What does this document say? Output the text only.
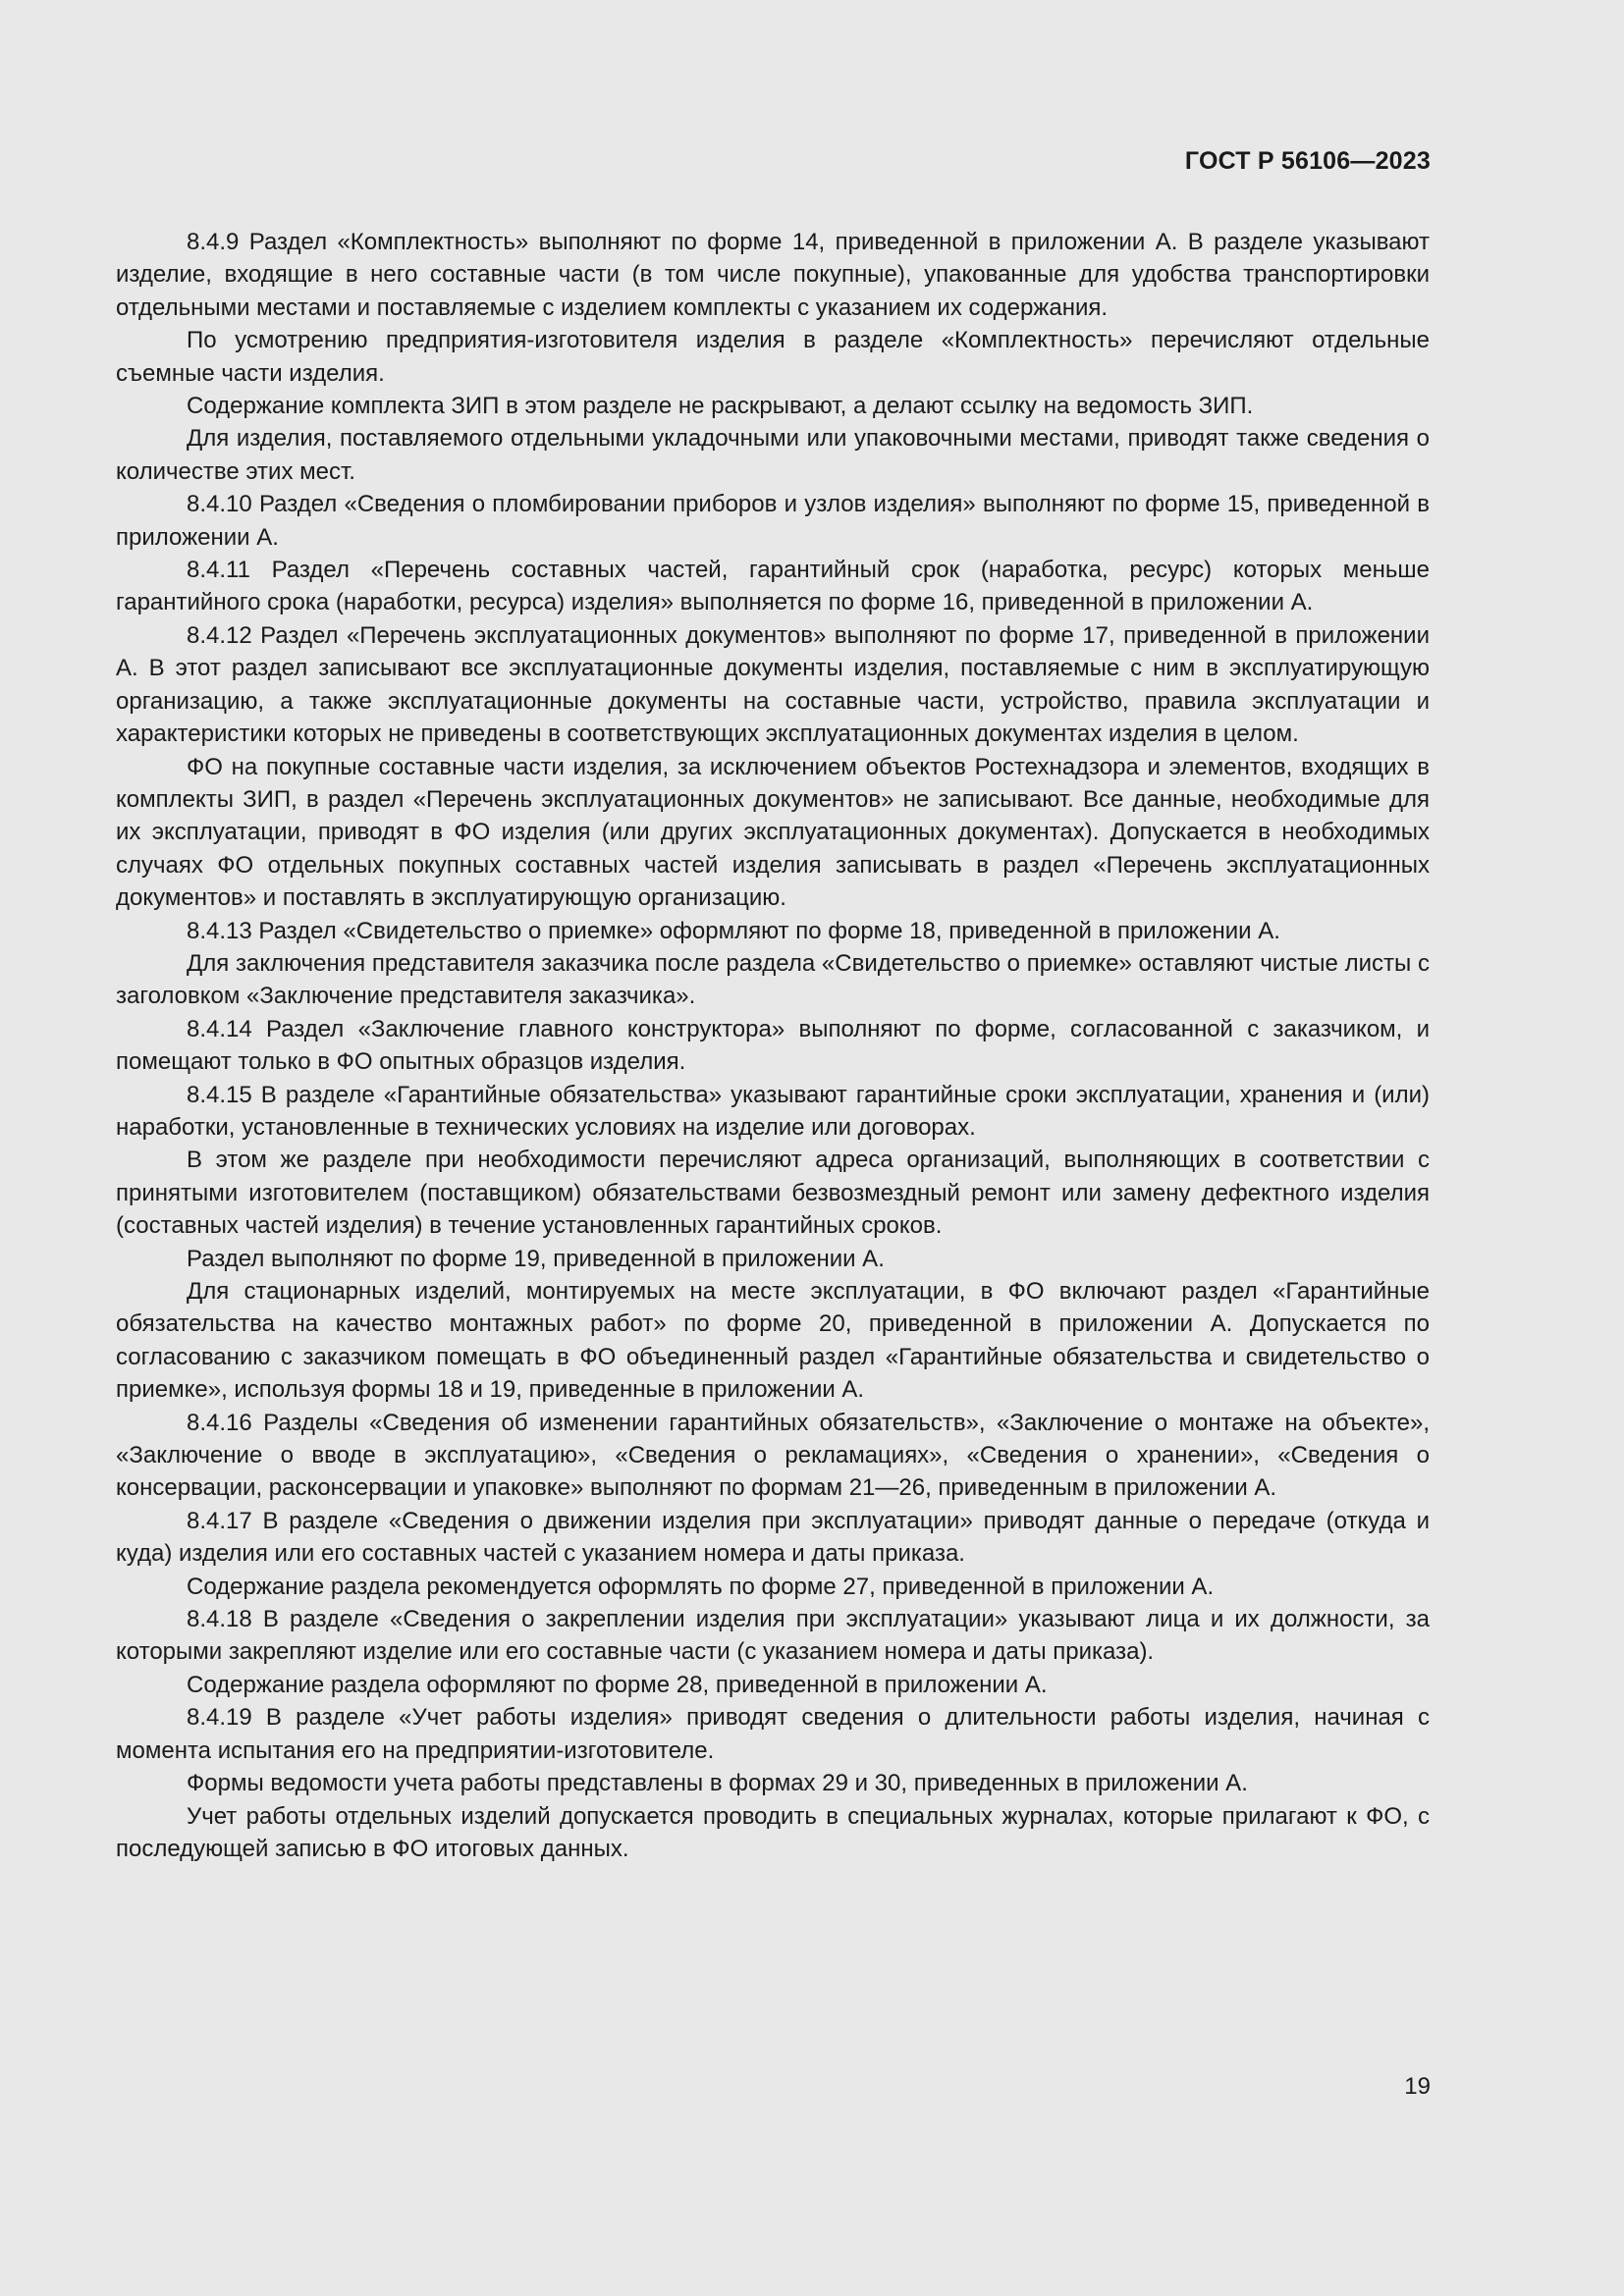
ГОСТ Р 56106—2023

8.4.9 Раздел «Комплектность» выполняют по форме 14, приведенной в приложении А. В разделе указывают изделие, входящие в него составные части (в том числе покупные), упакованные для удобства транспортировки отдельными местами и поставляемые с изделием комплекты с указанием их содержания.

По усмотрению предприятия-изготовителя изделия в разделе «Комплектность» перечисляют отдельные съемные части изделия.

Содержание комплекта ЗИП в этом разделе не раскрывают, а делают ссылку на ведомость ЗИП.

Для изделия, поставляемого отдельными укладочными или упаковочными местами, приводят также сведения о количестве этих мест.

8.4.10 Раздел «Сведения о пломбировании приборов и узлов изделия» выполняют по форме 15, приведенной в приложении А.

8.4.11 Раздел «Перечень составных частей, гарантийный срок (наработка, ресурс) которых меньше гарантийного срока (наработки, ресурса) изделия» выполняется по форме 16, приведенной в приложении А.

8.4.12 Раздел «Перечень эксплуатационных документов» выполняют по форме 17, приведенной в приложении А. В этот раздел записывают все эксплуатационные документы изделия, поставляемые с ним в эксплуатирующую организацию, а также эксплуатационные документы на составные части, устройство, правила эксплуатации и характеристики которых не приведены в соответствующих эксплуатационных документах изделия в целом.

ФО на покупные составные части изделия, за исключением объектов Ростехнадзора и элементов, входящих в комплекты ЗИП, в раздел «Перечень эксплуатационных документов» не записывают. Все данные, необходимые для их эксплуатации, приводят в ФО изделия (или других эксплуатационных документах). Допускается в необходимых случаях ФО отдельных покупных составных частей изделия записывать в раздел «Перечень эксплуатационных документов» и поставлять в эксплуатирующую организацию.

8.4.13 Раздел «Свидетельство о приемке» оформляют по форме 18, приведенной в приложении А.

Для заключения представителя заказчика после раздела «Свидетельство о приемке» оставляют чистые листы с заголовком «Заключение представителя заказчика».

8.4.14 Раздел «Заключение главного конструктора» выполняют по форме, согласованной с заказчиком, и помещают только в ФО опытных образцов изделия.

8.4.15 В разделе «Гарантийные обязательства» указывают гарантийные сроки эксплуатации, хранения и (или) наработки, установленные в технических условиях на изделие или договорах.

В этом же разделе при необходимости перечисляют адреса организаций, выполняющих в соответствии с принятыми изготовителем (поставщиком) обязательствами безвозмездный ремонт или замену дефектного изделия (составных частей изделия) в течение установленных гарантийных сроков.

Раздел выполняют по форме 19, приведенной в приложении А.

Для стационарных изделий, монтируемых на месте эксплуатации, в ФО включают раздел «Гарантийные обязательства на качество монтажных работ» по форме 20, приведенной в приложении А. Допускается по согласованию с заказчиком помещать в ФО объединенный раздел «Гарантийные обязательства и свидетельство о приемке», используя формы 18 и 19, приведенные в приложении А.

8.4.16 Разделы «Сведения об изменении гарантийных обязательств», «Заключение о монтаже на объекте», «Заключение о вводе в эксплуатацию», «Сведения о рекламациях», «Сведения о хранении», «Сведения о консервации, расконсервации и упаковке» выполняют по формам 21—26, приведенным в приложении А.

8.4.17 В разделе «Сведения о движении изделия при эксплуатации» приводят данные о передаче (откуда и куда) изделия или его составных частей с указанием номера и даты приказа.

Содержание раздела рекомендуется оформлять по форме 27, приведенной в приложении А.

8.4.18 В разделе «Сведения о закреплении изделия при эксплуатации» указывают лица и их должности, за которыми закрепляют изделие или его составные части (с указанием номера и даты приказа).

Содержание раздела оформляют по форме 28, приведенной в приложении А.

8.4.19 В разделе «Учет работы изделия» приводят сведения о длительности работы изделия, начиная с момента испытания его на предприятии-изготовителе.

Формы ведомости учета работы представлены в формах 29 и 30, приведенных в приложении А.

Учет работы отдельных изделий допускается проводить в специальных журналах, которые прилагают к ФО, с последующей записью в ФО итоговых данных.

19
